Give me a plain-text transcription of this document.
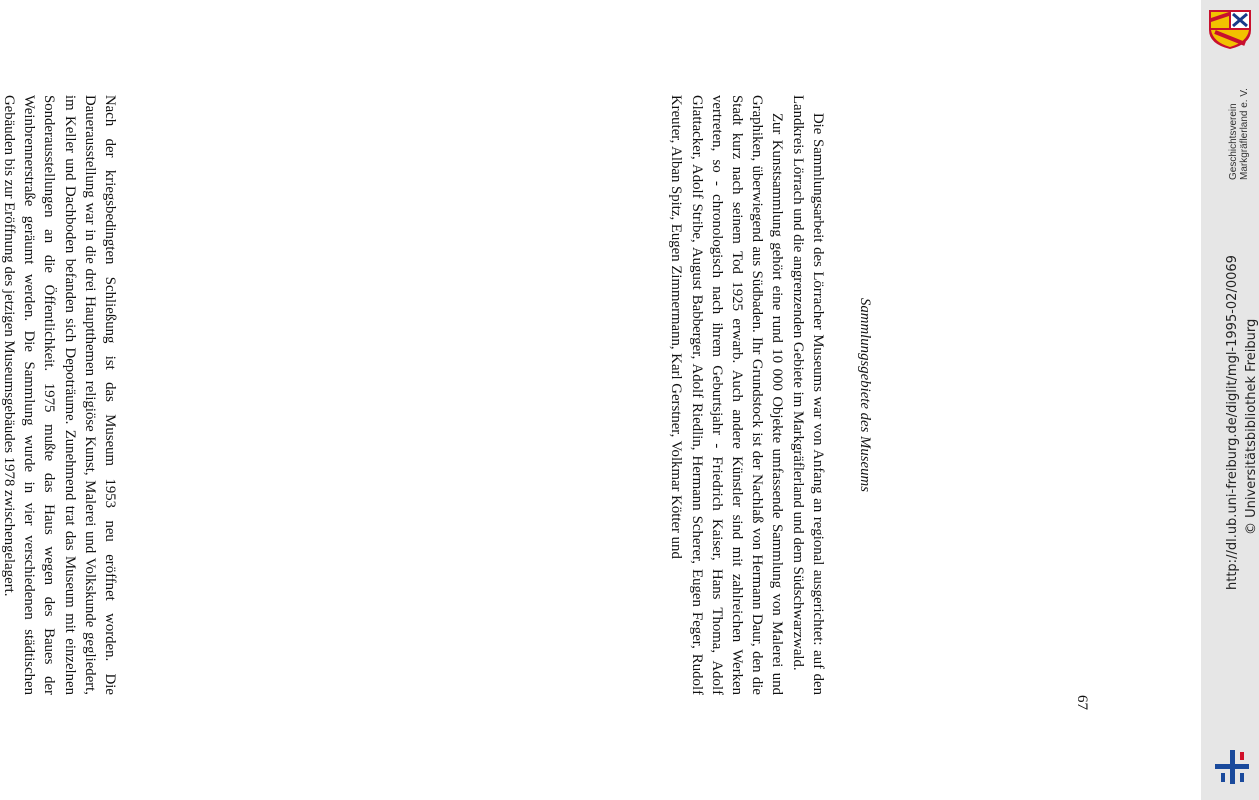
Geschichtsverein Markgräflerland e. V.
© Universitätsbibliothek Freiburg
http://dl.ub.uni-freiburg.de/diglit/mgl-1995-02/0069
67

Nach der kriegsbedingten Schließung ist das Museum 1953 neu eröffnet worden. Die Dauerausstellung war in die drei Hauptthemen religiöse Kunst, Malerei und Volkskunde gegliedert, im Keller und Dachboden befanden sich Depoträume. Zunehmend trat das Museum mit einzelnen Sonderausstellungen an die Öffentlichkeit. 1975 mußte das Haus wegen des Baues der Weinbrennerstraße geräumt werden. Die Sammlung wurde in vier verschiedenen städtischen Gebäuden bis zur Eröffnung des jetzigen Museumsgebäudes 1978 zwischengelagert.	Sammlungsgebiete des Museums

Die Sammlungsarbeit des Lörracher Museums war von Anfang an regional ausgerichtet: auf den Landkreis Lörrach und die angrenzenden Gebiete im Markgräflerland und dem Südschwarzwald.

Zur Kunstsammlung gehört eine rund 10 000 Objekte umfassende Sammlung von Malerei und Graphiken, überwiegend aus Südbaden. Ihr Grundstock ist der Nachlaß von Hermann Daur, den die Stadt kurz nach seinem Tod 1925 erwarb. Auch andere Künstler sind mit zahlreichen Werken vertreten, so - chronologisch nach ihrem Geburtsjahr - Friedrich Kaiser, Hans Thoma, Adolf Glattacker, Adolf Stribe, August Babberger, Adolf Riedlin, Hermann Scherer, Eugen Feger, Rudolf Kreuter, Alban Spitz, Eugen Zimmermann, Karl Gerstner, Volkmar Kötter und
